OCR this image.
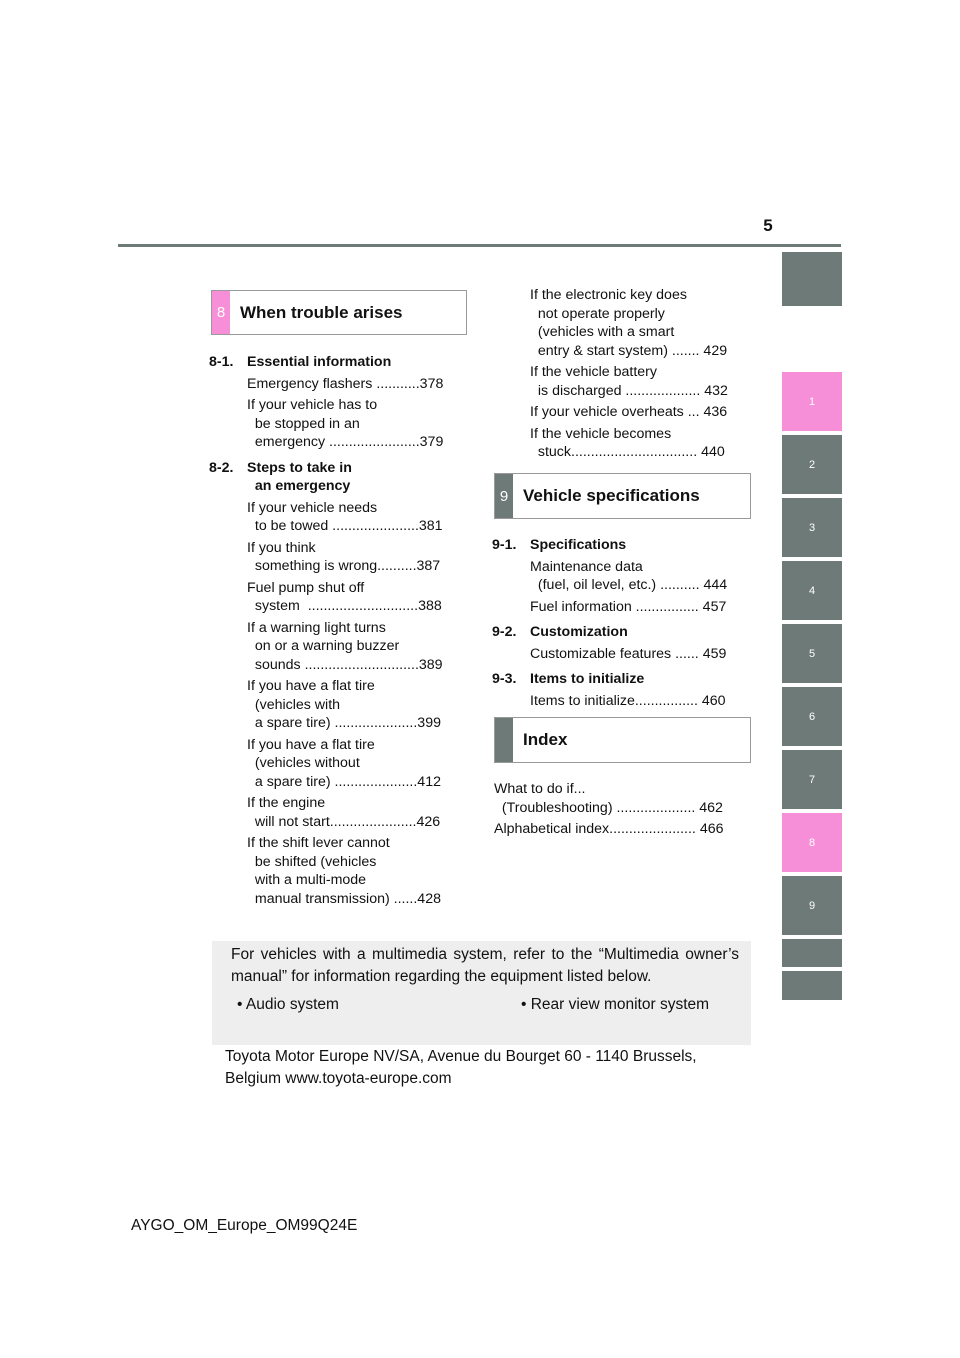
5
1
2
3
4
5
6
7
8
9
8 When trouble arises
8-1. Essential information
Emergency flashers ...........378
If your vehicle has to
be stopped in an
emergency .......................379
8-2. Steps to take in
an emergency
If your vehicle needs
to be towed ......................381
If you think
something is wrong..........387
Fuel pump shut off
system  ............................388
If a warning light turns
on or a warning buzzer
sounds .............................389
If you have a flat tire
(vehicles with
a spare tire) .....................399
If you have a flat tire
(vehicles without
a spare tire) .....................412
If the engine
will not start......................426
If the shift lever cannot
be shifted (vehicles
with a multi-mode
manual transmission) ......428
If the electronic key does
not operate properly
(vehicles with a smart
entry & start system) ....... 429
If the vehicle battery
is discharged ................... 432
If your vehicle overheats ... 436
If the vehicle becomes
stuck................................ 440
9 Vehicle specifications
9-1. Specifications
Maintenance data
(fuel, oil level, etc.) .......... 444
Fuel information ................ 457
9-2. Customization
Customizable features ...... 459
9-3. Items to initialize
Items to initialize................ 460
Index
What to do if...
(Troubleshooting) .................... 462
Alphabetical index...................... 466
For vehicles with a multimedia system, refer to the “Multimedia owner’s manual” for information regarding the equipment listed below.
• Audio system	• Rear view monitor system
Toyota Motor Europe NV/SA, Avenue du Bourget 60 - 1140 Brussels, Belgium www.toyota-europe.com
AYGO_OM_Europe_OM99Q24E
